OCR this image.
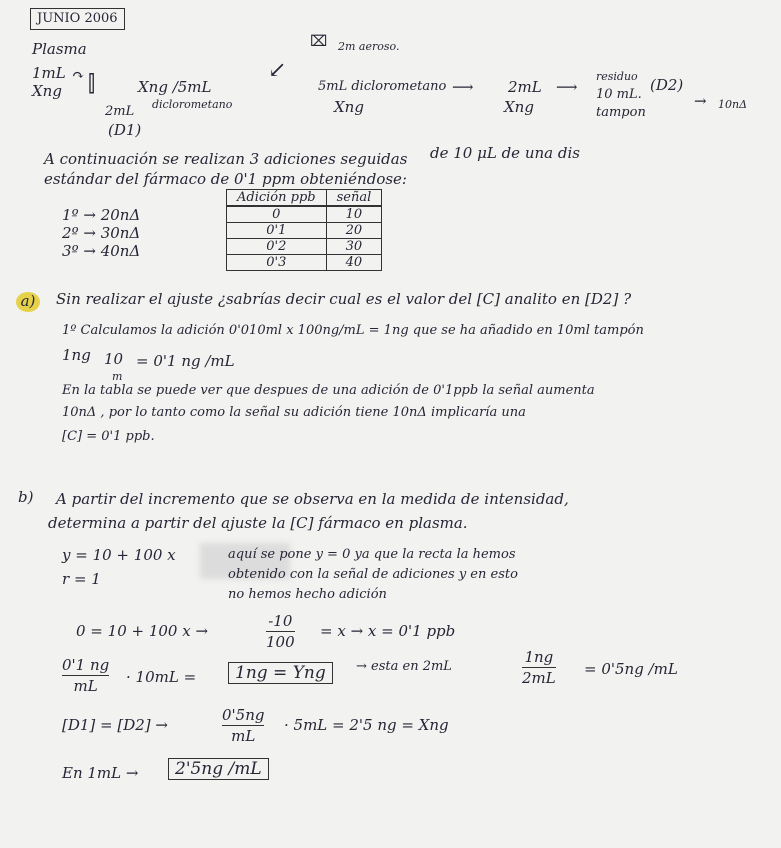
JUNIO 2006
Plasma
1mL
Xng
↷ ⫿	Xng /5mL
diclorometano
2mL
(D1)
⌧ 2m aeroso.
↙
5mL diclorometano
Xng
⟶ 2mL
Xng
⟶
residuo
10 mL.
tampon
(D2)
→ 10nΔ
A continuación se realizan 3 adiciones seguidas de 10 μL de una dis
estándar del fármaco de 0'1 ppm obteniéndose:
1º → 20nΔ
2º → 30nΔ
3º → 40nΔ
Adición ppb	señal
0	10
0'1	20
0'2	30
0'3	40
a)	Sin realizar el ajuste ¿sabrías decir cual es el valor del [C] analito en [D2] ?
1º Calculamos la adición 0'010ml x 100ng/mL = 1ng que se ha añadido en 10ml tampón
1ng 10
m
= 0'1 ng /mL
En la tabla se puede ver que despues de una adición de 0'1ppb la señal aumenta
10nΔ , por lo tanto como la señal su adición tiene 10nΔ implicaría una
[C] = 0'1 ppb.
b) A partir del incremento que se observa en la medida de intensidad,
determina a partir del ajuste la [C] fármaco en plasma.
y = 10 + 100 x
r = 1
aquí se pone y = 0 ya que la recta la hemos
obtenido con la señal de adiciones y en esto
no hemos hecho adición
0 = 10 + 100 x →
-10
100
= x → x = 0'1 ppb
0'1 ng
mL · 10mL =	1ng = Yng	→ esta en 2mL
1ng
2mL = 0'5ng /mL
[D1] = [D2] →
0'5ng
mL
· 5mL = 2'5 ng = Xng
En 1mL →	2'5ng /mL
